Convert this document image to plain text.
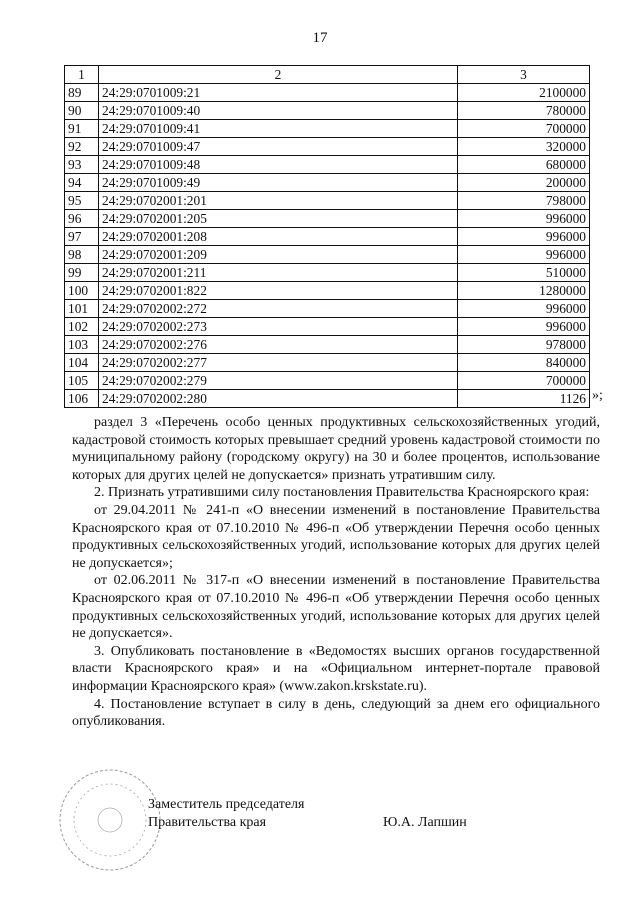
17
1	2	3
89	24:29:0701009:21	2100000
90	24:29:0701009:40	780000
91	24:29:0701009:41	700000
92	24:29:0701009:47	320000
93	24:29:0701009:48	680000
94	24:29:0701009:49	200000
95	24:29:0702001:201	798000
96	24:29:0702001:205	996000
97	24:29:0702001:208	996000
98	24:29:0702001:209	996000
99	24:29:0702001:211	510000
100	24:29:0702001:822	1280000
101	24:29:0702002:272	996000
102	24:29:0702002:273	996000
103	24:29:0702002:276	978000
104	24:29:0702002:277	840000
105	24:29:0702002:279	700000
106	24:29:0702002:280	1126 »;

раздел 3 «Перечень особо ценных продуктивных сельскохозяйственных угодий, кадастровой стоимость которых превышает средний уровень кадастровой стоимости по муниципальному району (городскому округу) на 30 и более процентов, использование которых для других целей не допускается» признать утратившим силу.

2. Признать утратившими силу постановления Правительства Красноярского края:

от 29.04.2011 № 241-п «О внесении изменений в постановление Правительства Красноярского края от 07.10.2010 № 496-п «Об утверждении Перечня особо ценных продуктивных сельскохозяйственных угодий, использование которых для других целей не допускается»;

от 02.06.2011 № 317-п «О внесении изменений в постановление Правительства Красноярского края от 07.10.2010 № 496-п «Об утверждении Перечня особо ценных продуктивных сельскохозяйственных угодий, использование которых для других целей не допускается».

3. Опубликовать постановление в «Ведомостях высших органов государственной власти Красноярского края» и на «Официальном интернет-портале правовой информации Красноярского края» (www.zakon.krskstate.ru).

4. Постановление вступает в силу в день, следующий за днем его официального опубликования.

Заместитель председателя
Правительства края	Ю.А. Лапшин
